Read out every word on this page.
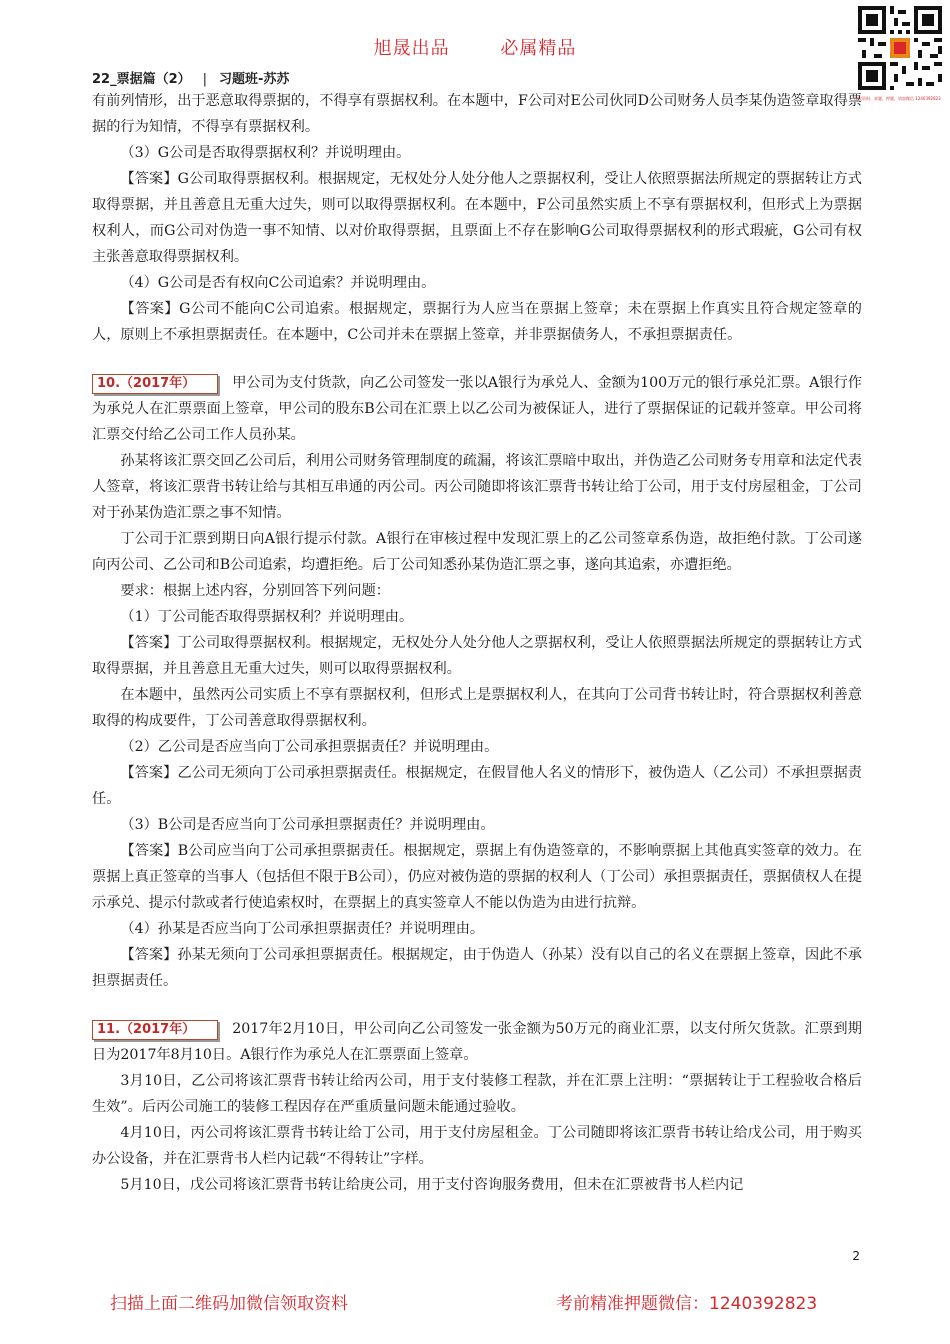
旭晟出品	必属精品
22_票据篇（2） | 习题班-苏苏
课程资料、真题、押题，请加微信 1240392823

有前列情形，出于恶意取得票据的，不得享有票据权利。在本题中，F公司对E公司伙同D公司财务人员李某伪造签章取得票据的行为知情，不得享有票据权利。

（3）G公司是否取得票据权利？并说明理由。

【答案】G公司取得票据权利。根据规定，无权处分人处分他人之票据权利，受让人依照票据法所规定的票据转让方式取得票据，并且善意且无重大过失，则可以取得票据权利。在本题中，F公司虽然实质上不享有票据权利，但形式上为票据权利人，而G公司对伪造一事不知情、以对价取得票据，且票面上不存在影响G公司取得票据权利的形式瑕疵，G公司有权主张善意取得票据权利。

（4）G公司是否有权向C公司追索？并说明理由。

【答案】G公司不能向C公司追索。根据规定，票据行为人应当在票据上签章；未在票据上作真实且符合规定签章的人，原则上不承担票据责任。在本题中，C公司并未在票据上签章，并非票据债务人，不承担票据责任。

10.（2017年）	甲公司为支付货款，向乙公司签发一张以A银行为承兑人、金额为100万元的银行承兑汇票。A银行作为承兑人在汇票票面上签章，甲公司的股东B公司在汇票上以乙公司为被保证人，进行了票据保证的记载并签章。甲公司将汇票交付给乙公司工作人员孙某。

孙某将该汇票交回乙公司后，利用公司财务管理制度的疏漏，将该汇票暗中取出，并伪造乙公司财务专用章和法定代表人签章，将该汇票背书转让给与其相互串通的丙公司。丙公司随即将该汇票背书转让给丁公司，用于支付房屋租金，丁公司对于孙某伪造汇票之事不知情。

丁公司于汇票到期日向A银行提示付款。A银行在审核过程中发现汇票上的乙公司签章系伪造，故拒绝付款。丁公司遂向丙公司、乙公司和B公司追索，均遭拒绝。后丁公司知悉孙某伪造汇票之事，遂向其追索，亦遭拒绝。

要求：根据上述内容，分别回答下列问题：

（1）丁公司能否取得票据权利？并说明理由。

【答案】丁公司取得票据权利。根据规定，无权处分人处分他人之票据权利，受让人依照票据法所规定的票据转让方式取得票据，并且善意且无重大过失，则可以取得票据权利。

在本题中，虽然丙公司实质上不享有票据权利，但形式上是票据权利人，在其向丁公司背书转让时，符合票据权利善意取得的构成要件，丁公司善意取得票据权利。

（2）乙公司是否应当向丁公司承担票据责任？并说明理由。

【答案】乙公司无须向丁公司承担票据责任。根据规定，在假冒他人名义的情形下，被伪造人（乙公司）不承担票据责任。

（3）B公司是否应当向丁公司承担票据责任？并说明理由。

【答案】B公司应当向丁公司承担票据责任。根据规定，票据上有伪造签章的，不影响票据上其他真实签章的效力。在票据上真正签章的当事人（包括但不限于B公司），仍应对被伪造的票据的权利人（丁公司）承担票据责任，票据债权人在提示承兑、提示付款或者行使追索权时，在票据上的真实签章人不能以伪造为由进行抗辩。

（4）孙某是否应当向丁公司承担票据责任？并说明理由。

【答案】孙某无须向丁公司承担票据责任。根据规定，由于伪造人（孙某）没有以自己的名义在票据上签章，因此不承担票据责任。

11.（2017年）	2017年2月10日，甲公司向乙公司签发一张金额为50万元的商业汇票，以支付所欠货款。汇票到期日为2017年8月10日。A银行作为承兑人在汇票票面上签章。

3月10日，乙公司将该汇票背书转让给丙公司，用于支付装修工程款，并在汇票上注明：“票据转让于工程验收合格后生效”。后丙公司施工的装修工程因存在严重质量问题未能通过验收。

4月10日，丙公司将该汇票背书转让给丁公司，用于支付房屋租金。丁公司随即将该汇票背书转让给戊公司，用于购买办公设备，并在汇票背书人栏内记载“不得转让”字样。

5月10日，戊公司将该汇票背书转让给庚公司，用于支付咨询服务费用，但未在汇票被背书人栏内记

2
扫描上面二维码加微信领取资料	考前精准押题微信：1240392823
